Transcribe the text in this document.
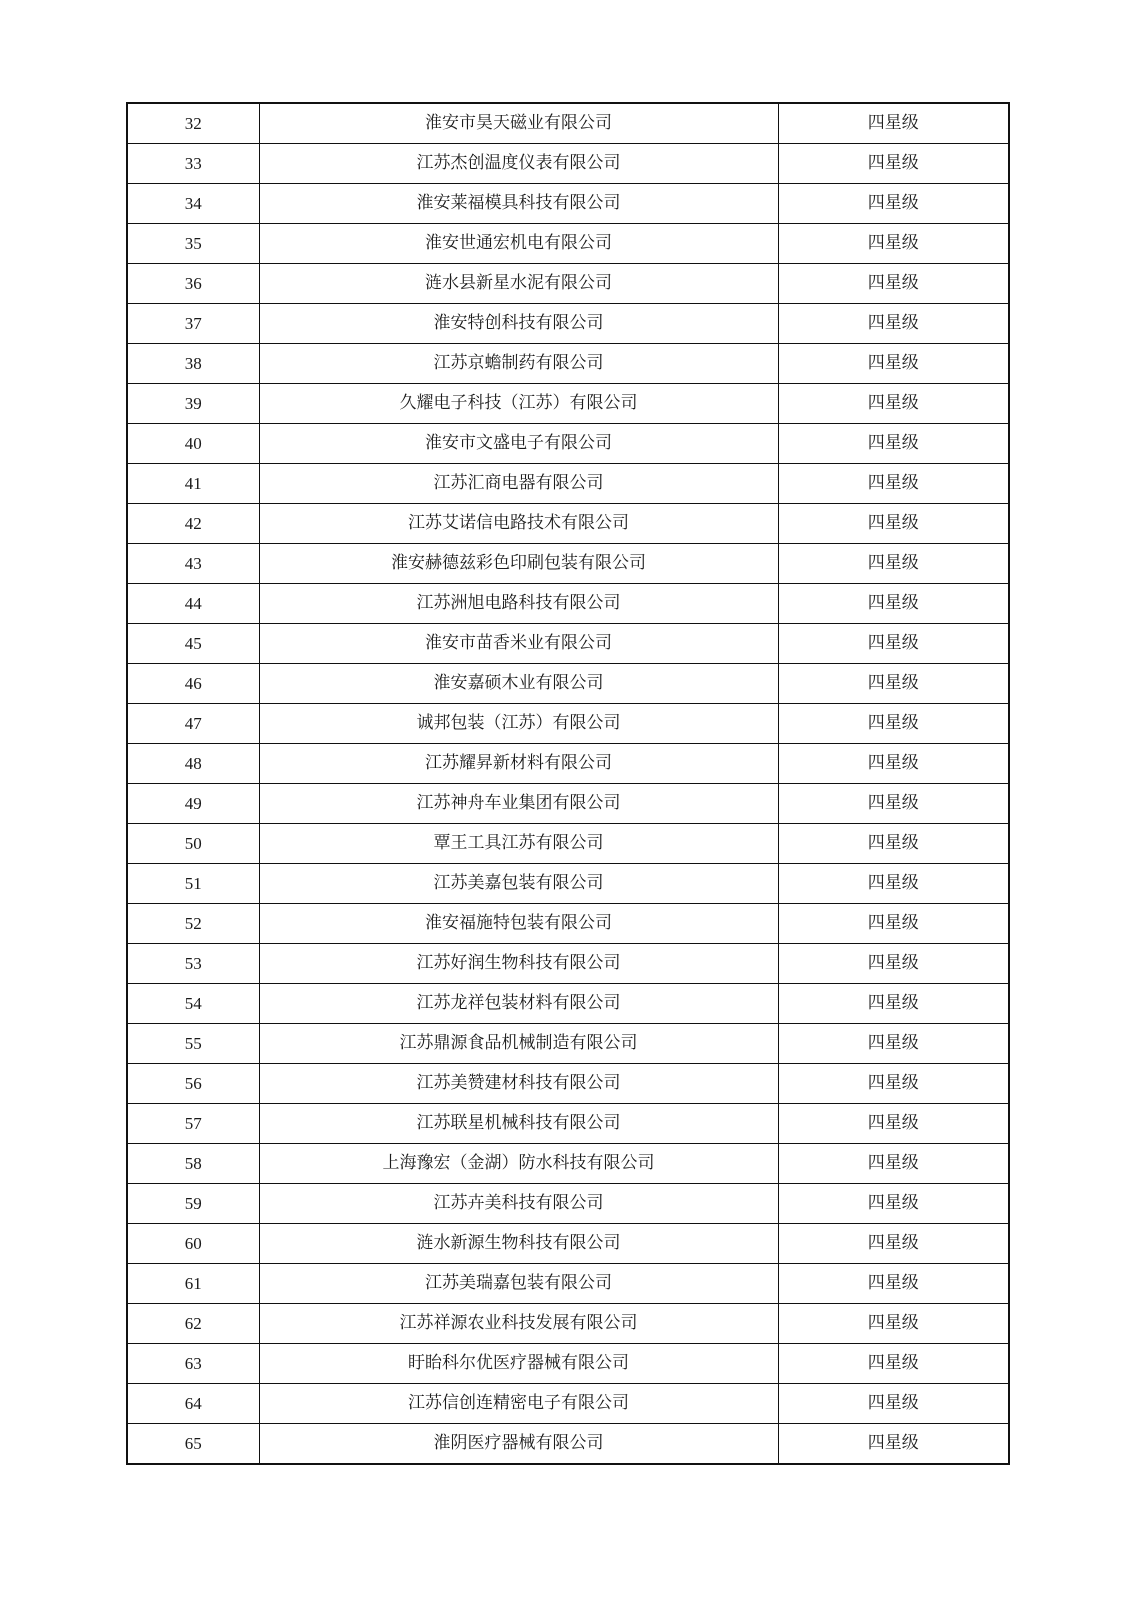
32	淮安市昊天磁业有限公司	四星级
33	江苏杰创温度仪表有限公司	四星级
34	淮安莱福模具科技有限公司	四星级
35	淮安世通宏机电有限公司	四星级
36	涟水县新星水泥有限公司	四星级
37	淮安特创科技有限公司	四星级
38	江苏京蟾制药有限公司	四星级
39	久耀电子科技（江苏）有限公司	四星级
40	淮安市文盛电子有限公司	四星级
41	江苏汇商电器有限公司	四星级
42	江苏艾诺信电路技术有限公司	四星级
43	淮安赫德兹彩色印刷包装有限公司	四星级
44	江苏洲旭电路科技有限公司	四星级
45	淮安市苗香米业有限公司	四星级
46	淮安嘉硕木业有限公司	四星级
47	诚邦包装（江苏）有限公司	四星级
48	江苏耀昇新材料有限公司	四星级
49	江苏神舟车业集团有限公司	四星级
50	覃王工具江苏有限公司	四星级
51	江苏美嘉包装有限公司	四星级
52	淮安福施特包装有限公司	四星级
53	江苏好润生物科技有限公司	四星级
54	江苏龙祥包装材料有限公司	四星级
55	江苏鼎源食品机械制造有限公司	四星级
56	江苏美赞建材科技有限公司	四星级
57	江苏联星机械科技有限公司	四星级
58	上海豫宏（金湖）防水科技有限公司	四星级
59	江苏卉美科技有限公司	四星级
60	涟水新源生物科技有限公司	四星级
61	江苏美瑞嘉包装有限公司	四星级
62	江苏祥源农业科技发展有限公司	四星级
63	盱眙科尔优医疗器械有限公司	四星级
64	江苏信创连精密电子有限公司	四星级
65	淮阴医疗器械有限公司	四星级
